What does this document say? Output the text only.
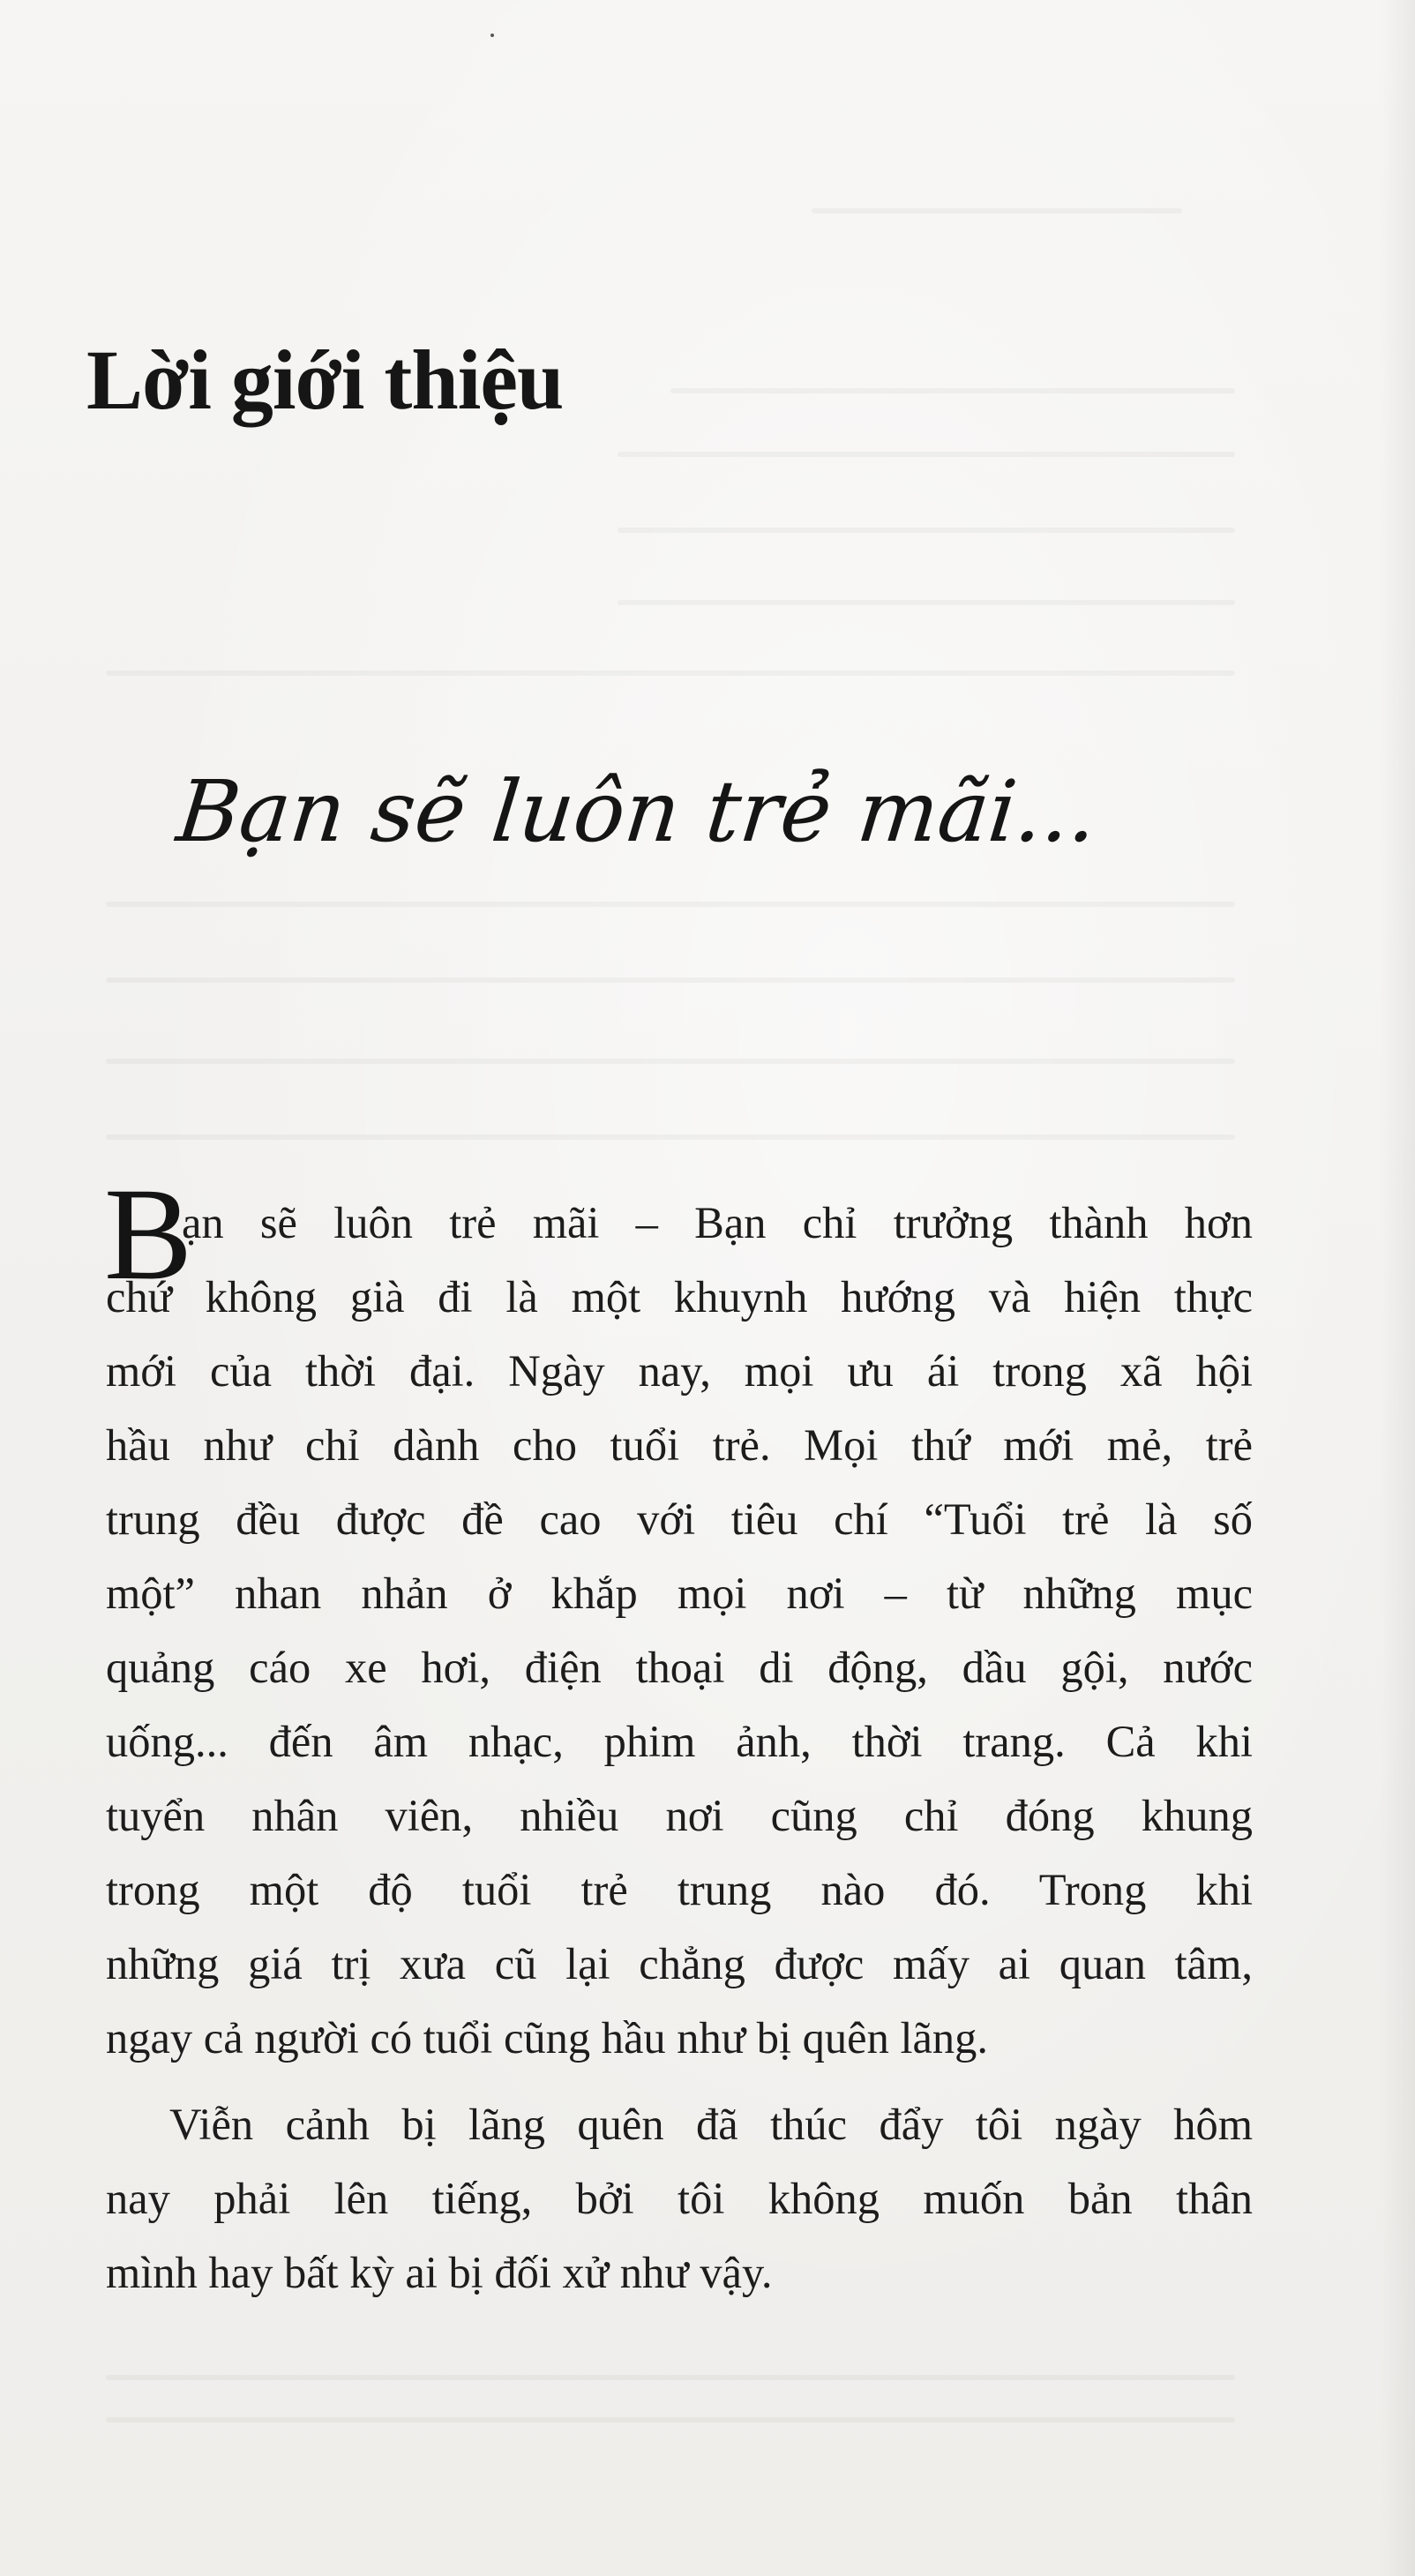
Lời giới thiệu
Bạn sẽ luôn trẻ mãi...
B
ạn sẽ luôn trẻ mãi – Bạn chỉ trưởng thành hơn
chứ không già đi là một khuynh hướng và hiện thực
mới của thời đại. Ngày nay, mọi ưu ái trong xã hội
hầu như chỉ dành cho tuổi trẻ. Mọi thứ mới mẻ, trẻ
trung đều được đề cao với tiêu chí “Tuổi trẻ là số
một” nhan nhản ở khắp mọi nơi – từ những mục
quảng cáo xe hơi, điện thoại di động, dầu gội, nước
uống... đến âm nhạc, phim ảnh, thời trang. Cả khi
tuyển nhân viên, nhiều nơi cũng chỉ đóng khung
trong một độ tuổi trẻ trung nào đó. Trong khi
những giá trị xưa cũ lại chẳng được mấy ai quan tâm,
ngay cả người có tuổi cũng hầu như bị quên lãng.
Viễn cảnh bị lãng quên đã thúc đẩy tôi ngày hôm
nay phải lên tiếng, bởi tôi không muốn bản thân
mình hay bất kỳ ai bị đối xử như vậy.
